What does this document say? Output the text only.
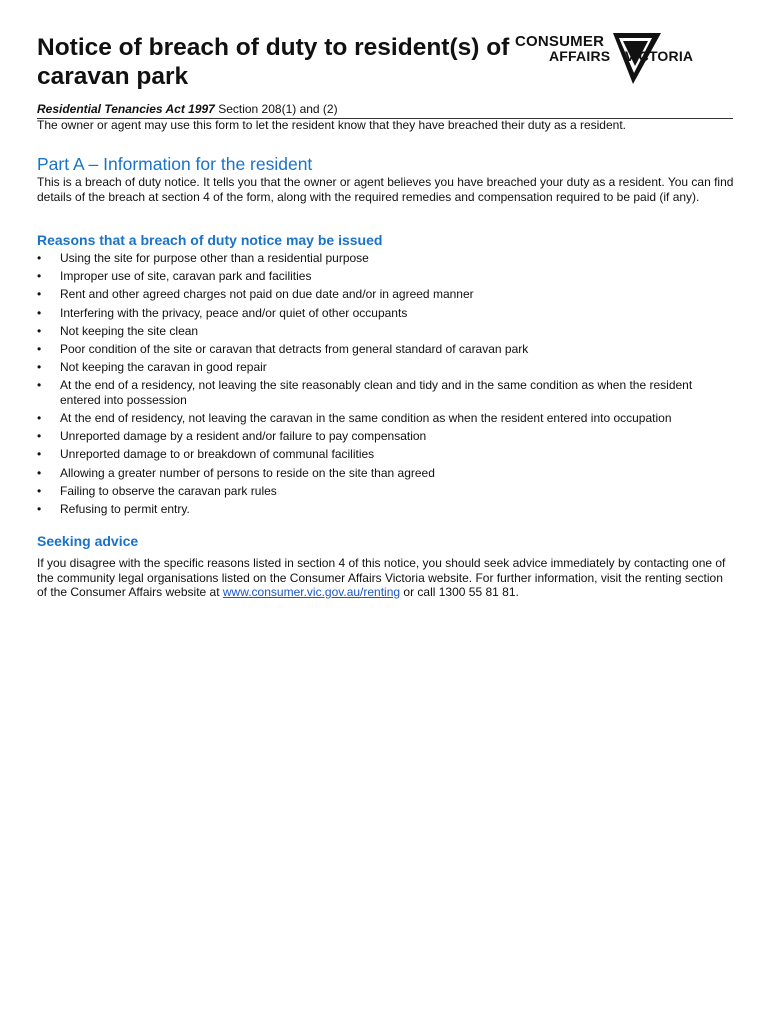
Notice of breach of duty to resident(s) of caravan park
CONSUMER
AFFAIRS VICTORIA
Residential Tenancies Act 1997 Section 208(1) and (2)
The owner or agent may use this form to let the resident know that they have breached their duty as a resident.
Part A – Information for the resident

This is a breach of duty notice. It tells you that the owner or agent believes you have breached your duty as a resident. You can find details of the breach at section 4 of the form, along with the required remedies and compensation required to be paid (if any).

Reasons that a breach of duty notice may be issued
• Using the site for purpose other than a residential purpose
• Improper use of site, caravan park and facilities
• Rent and other agreed charges not paid on due date and/or in agreed manner
• Interfering with the privacy, peace and/or quiet of other occupants
• Not keeping the site clean
• Poor condition of the site or caravan that detracts from general standard of caravan park
• Not keeping the caravan in good repair
• At the end of a residency, not leaving the site reasonably clean and tidy and in the same condition as when the resident entered into possession
• At the end of residency, not leaving the caravan in the same condition as when the resident entered into occupation
• Unreported damage by a resident and/or failure to pay compensation
• Unreported damage to or breakdown of communal facilities
• Allowing a greater number of persons to reside on the site than agreed
• Failing to observe the caravan park rules
• Refusing to permit entry.
Seeking advice

If you disagree with the specific reasons listed in section 4 of this notice, you should seek advice immediately by contacting one of the community legal organisations listed on the Consumer Affairs Victoria website. For further information, visit the renting section of the Consumer Affairs website at www.consumer.vic.gov.au/renting or call 1300 55 81 81.
